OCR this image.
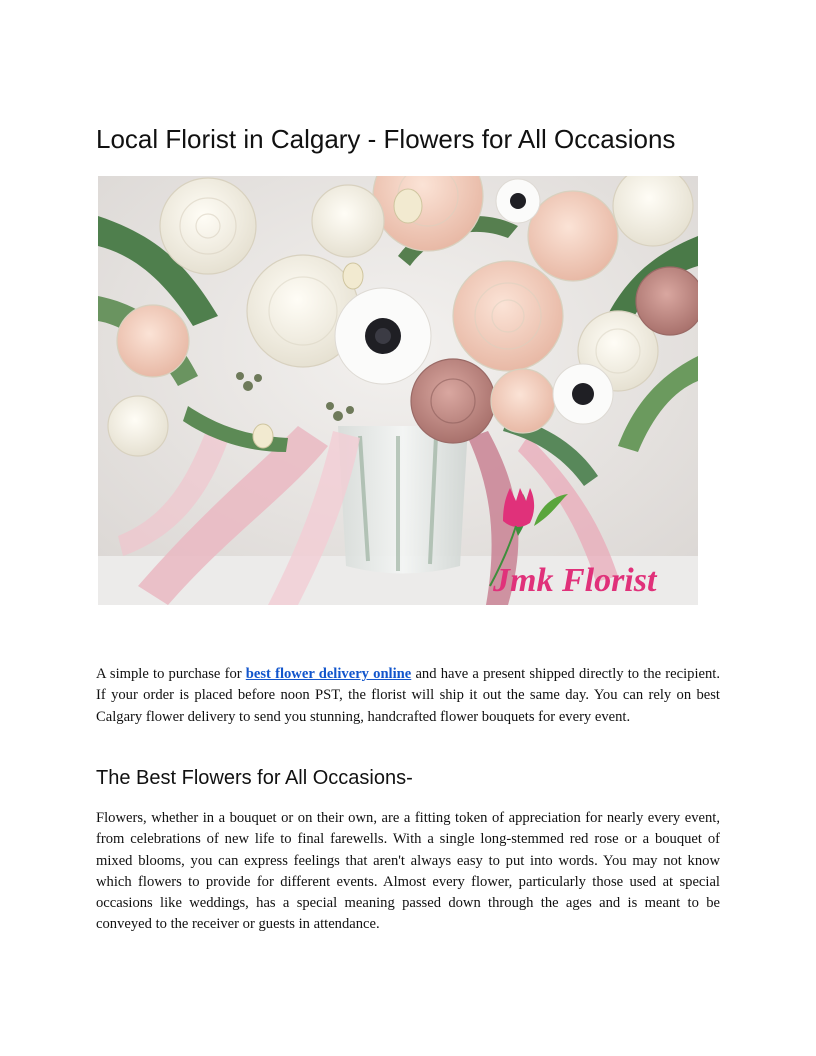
Local Florist in Calgary - Flowers for All Occasions
Jmk Florist

A simple to purchase for best flower delivery online and have a present shipped directly to the recipient. If your order is placed before noon PST, the florist will ship it out the same day. You can rely on best Calgary flower delivery to send you stunning, handcrafted flower bouquets for every event.

The Best Flowers for All Occasions-

Flowers, whether in a bouquet or on their own, are a fitting token of appreciation for nearly every event, from celebrations of new life to final farewells. With a single long-stemmed red rose or a bouquet of mixed blooms, you can express feelings that aren't always easy to put into words. You may not know which flowers to provide for different events. Almost every flower, particularly those used at special occasions like weddings, has a special meaning passed down through the ages and is meant to be conveyed to the receiver or guests in attendance.
